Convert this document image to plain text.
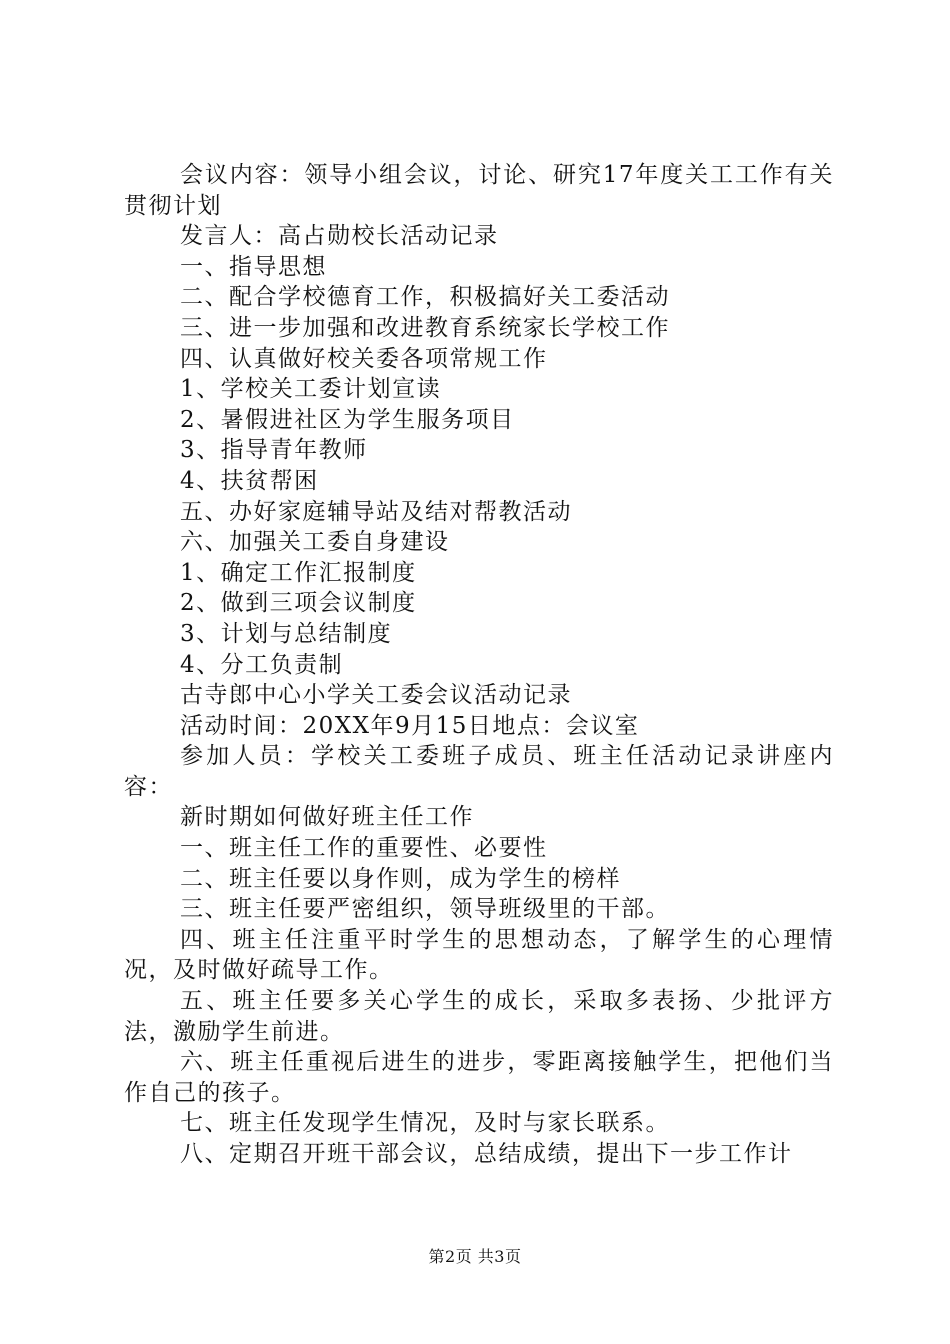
会议内容：领导小组会议，讨论、研究17年度关工工作有关贯彻计划

发言人：高占勋校长活动记录

一、指导思想

二、配合学校德育工作，积极搞好关工委活动

三、进一步加强和改进教育系统家长学校工作

四、认真做好校关委各项常规工作

1、学校关工委计划宣读

2、暑假进社区为学生服务项目

3、指导青年教师

4、扶贫帮困

五、办好家庭辅导站及结对帮教活动

六、加强关工委自身建设

1、确定工作汇报制度

2、做到三项会议制度

3、计划与总结制度

4、分工负责制

古寺郎中心小学关工委会议活动记录

活动时间：20XX年9月15日地点：会议室

参加人员：学校关工委班子成员、班主任活动记录讲座内容：

新时期如何做好班主任工作

一、班主任工作的重要性、必要性

二、班主任要以身作则，成为学生的榜样

三、班主任要严密组织，领导班级里的干部。

四、班主任注重平时学生的思想动态，了解学生的心理情况，及时做好疏导工作。

五、班主任要多关心学生的成长，采取多表扬、少批评方法，激励学生前进。

六、班主任重视后进生的进步，零距离接触学生，把他们当作自己的孩子。

七、班主任发现学生情况，及时与家长联系。

八、定期召开班干部会议，总结成绩，提出下一步工作计

第2页 共3页
